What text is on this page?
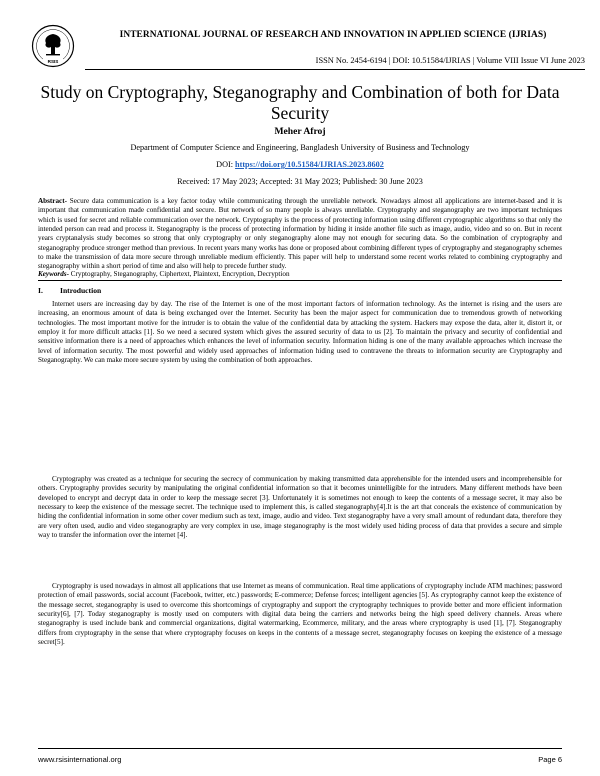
RSIS
INTERNATIONAL JOURNAL OF RESEARCH AND INNOVATION IN APPLIED SCIENCE (IJRIAS)
ISSN No. 2454-6194 | DOI: 10.51584/IJRIAS | Volume VIII Issue VI June 2023
Study on Cryptography, Steganography and Combination of both for Data Security
Meher Afroj
Department of Computer Science and Engineering, Bangladesh University of Business and Technology
DOI: https://doi.org/10.51584/IJRIAS.2023.8602
Received: 17 May 2023; Accepted: 31 May 2023; Published: 30 June 2023
Abstract- Secure data communication is a key factor today while communicating through the unreliable network. Nowadays almost all applications are internet-based and it is important that communication made confidential and secure. But network of so many people is always unreliable. Cryptography and steganography are two important techniques which is used for secret and reliable communication over the network. Cryptography is the process of protecting information using different cryptographic algorithms so that only the intended person can read and process it. Steganography is the process of protecting information by hiding it inside another file such as image, audio, video and so on. But in recent years cryptanalysis study becomes so strong that only cryptography or only steganography alone may not enough for securing data. So the combination of cryptography and steganography produce stronger method than previous. In recent years many works has done or proposed about combining different types of cryptography and steganography schemes to make the transmission of data more secure through unreliable medium efficiently. This paper will help to understand some recent works related to combining cryptography and steganography within a short period of time and also will help to precede further study.
Keywords- Cryptography, Steganography, Ciphertext, Plaintext, Encryption, Decryption
I. Introduction
Internet users are increasing day by day. The rise of the Internet is one of the most important factors of information technology. As the internet is rising and the users are increasing, an enormous amount of data is being exchanged over the Internet. Security has been the major aspect for communication due to tremendous growth of networking technologies. The most important motive for the intruder is to obtain the value of the confidential data by attacking the system. Hackers may expose the data, alter it, distort it, or employ it for more difficult attacks [1]. So we need a secured system which gives the assured security of data to us [2]. To maintain the privacy and security of confidential and sensitive information there is a need of approaches which enhances the level of information security. Information hiding is one of the many available approaches which increase the level of information security. The most powerful and widely used approaches of information hiding used to contravene the threats to information security are Cryptography and Steganography. We can make more secure system by using the combination of both approaches.
Cryptography was created as a technique for securing the secrecy of communication by making transmitted data apprehensible for the intended users and incomprehensible for others. Cryptography provides security by manipulating the original confidential information so that it becomes unintelligible for the intruders. Many different methods have been developed to encrypt and decrypt data in order to keep the message secret [3]. Unfortunately it is sometimes not enough to keep the contents of a message secret, it may also be necessary to keep the existence of the message secret. The technique used to implement this, is called steganography[4].It is the art that conceals the existence of communication by hiding the confidential information in some other cover medium such as text, image, audio and video. Text steganography have a very small amount of redundant data, therefore they are very often used, audio and video steganography are very complex in use, image steganography is the most widely used hiding process of data that provides a secure and simple way to transfer the information over the internet [4].
Cryptography is used nowadays in almost all applications that use Internet as means of communication. Real time applications of cryptography include ATM machines; password protection of email passwords, social account (Facebook, twitter, etc.) passwords; E-commerce; Defense forces; intelligent agencies [5]. As cryptography cannot keep the existence of the message secret, steganography is used to overcome this shortcomings of cryptography and support the cryptography techniques to provide better and more efficient information security[6], [7]. Today steganography is mostly used on computers with digital data being the carriers and networks being the high speed delivery channels. Areas where steganography is used include bank and commercial organizations, digital watermarking, Ecommerce, military, and the areas where cryptography is used [1], [7]. Steganography differs from cryptography in the sense that where cryptography focuses on keeps in the contents of a message secret, steganography focuses on keeping the existence of a message secret[5].
www.rsisinternational.org	Page 6
